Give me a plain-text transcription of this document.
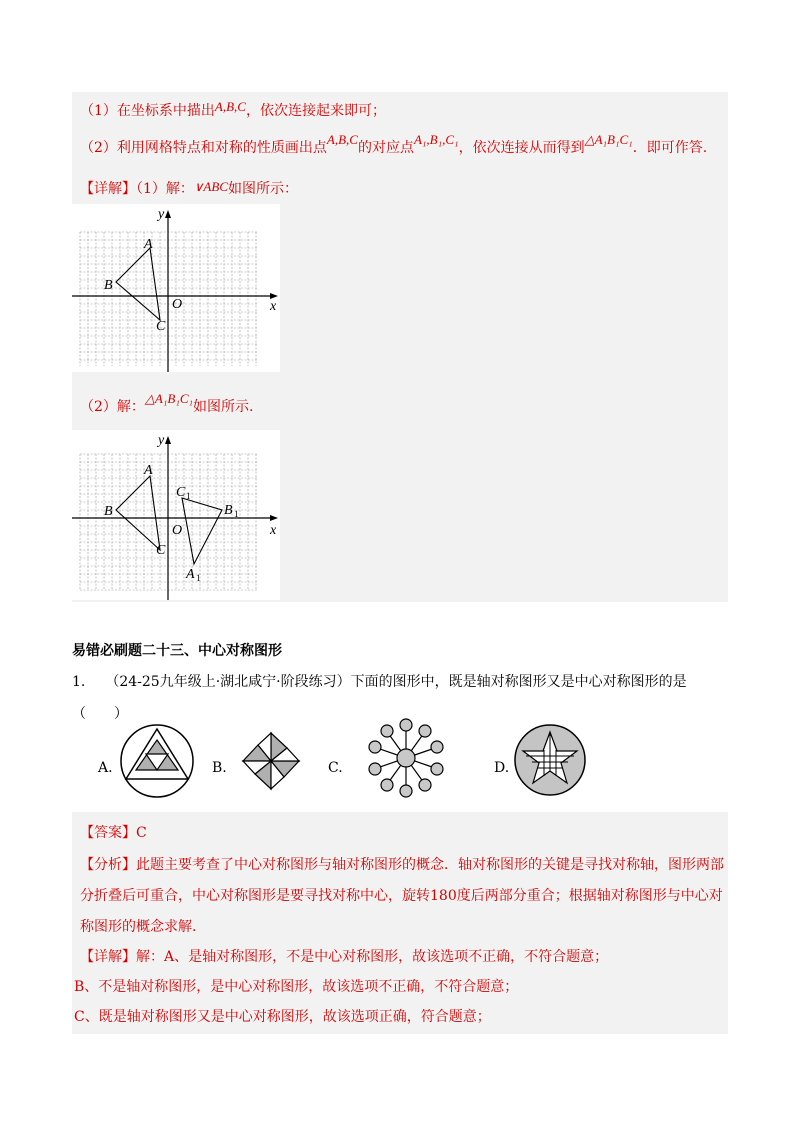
（1）在坐标系中描出A,B,C，依次连接起来即可；
（2）利用网格特点和对称的性质画出点A,B,C的对应点A₁,B₁,C₁，依次连接从而得到△A₁B₁C₁．即可作答.
【详解】（1）解：∨ABC如图所示：
x
y
O
A
B
C
（2）解：△A₁B₁C₁如图所示.
x
y
O
A
B
C
C 1
B 1
A 1
易错必刷题二十三、中心对称图形
1. （24-25九年级上·湖北咸宁·阶段练习）下面的图形中，既是轴对称图形又是中心对称图形的是
（　　）
A.	B.	C.	D.
【答案】C
【分析】此题主要考查了中心对称图形与轴对称图形的概念．轴对称图形的关键是寻找对称轴，图形两部
分折叠后可重合，中心对称图形是要寻找对称中心，旋转180度后两部分重合；根据轴对称图形与中心对
称图形的概念求解.
【详解】解：A、是轴对称图形，不是中心对称图形，故该选项不正确，不符合题意；
B、不是轴对称图形，是中心对称图形，故该选项不正确，不符合题意；
C、既是轴对称图形又是中心对称图形，故该选项正确，符合题意；
